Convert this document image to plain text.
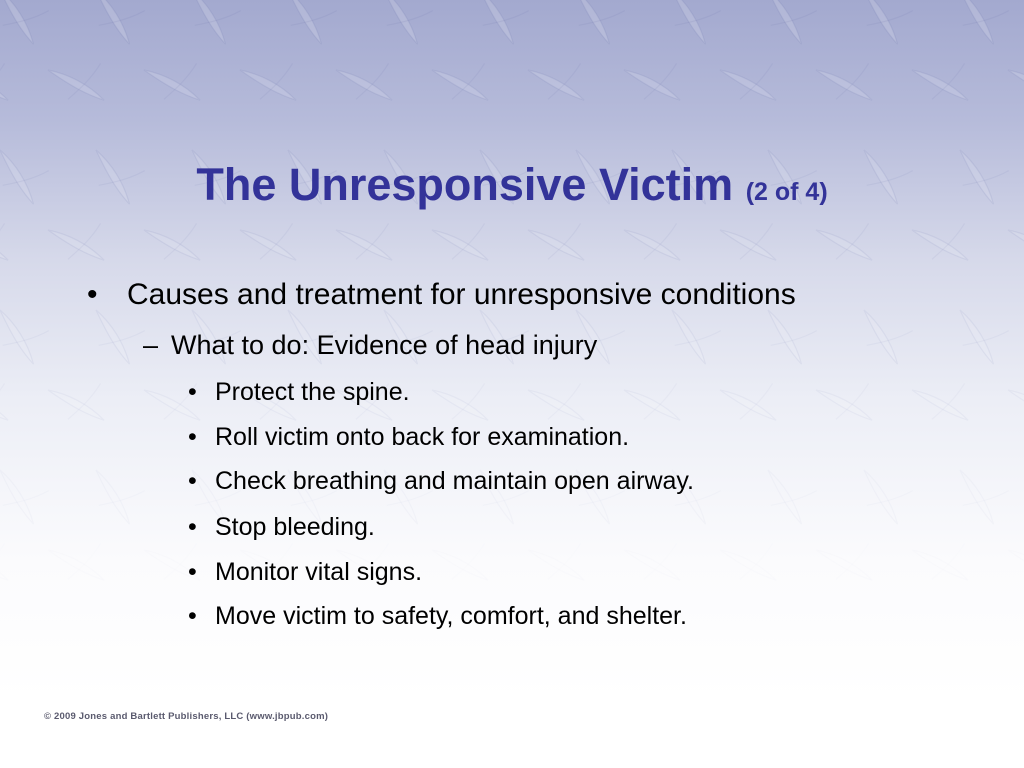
The Unresponsive Victim (2 of 4)
• Causes and treatment for unresponsive conditions
– What to do: Evidence of head injury
• Protect the spine.
• Roll victim onto back for examination.
• Check breathing and maintain open airway.
• Stop bleeding.
• Monitor vital signs.
• Move victim to safety, comfort, and shelter.
© 2009 Jones and Bartlett Publishers, LLC (www.jbpub.com)
